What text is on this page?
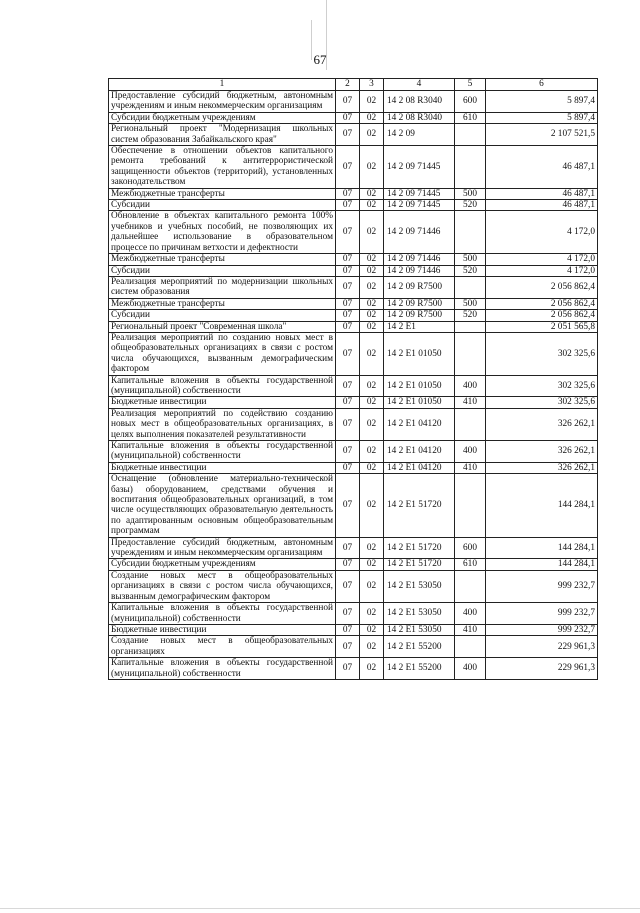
67
1	2	3	4	5	6
Предоставление субсидий бюджетным, автономным учреждениям и иным некоммерческим организациям	07	02	14 2 08 R3040	600	5 897,4
Субсидии бюджетным учреждениям	07	02	14 2 08 R3040	610	5 897,4
Региональный проект "Модернизация школьных систем образования Забайкальского края"	07	02	14 2 09		2 107 521,5
Обеспечение в отношении объектов капитального ремонта требований к антитеррористической защищенности объектов (территорий), установленных законодательством	07	02	14 2 09 71445		46 487,1
Межбюджетные трансферты	07	02	14 2 09 71445	500	46 487,1
Субсидии	07	02	14 2 09 71445	520	46 487,1
Обновление в объектах капитального ремонта 100% учебников и учебных пособий, не позволяющих их дальнейшее использование в образовательном процессе по причинам ветхости и дефектности	07	02	14 2 09 71446		4 172,0
Межбюджетные трансферты	07	02	14 2 09 71446	500	4 172,0
Субсидии	07	02	14 2 09 71446	520	4 172,0
Реализация мероприятий по модернизации школьных систем образования	07	02	14 2 09 R7500		2 056 862,4
Межбюджетные трансферты	07	02	14 2 09 R7500	500	2 056 862,4
Субсидии	07	02	14 2 09 R7500	520	2 056 862,4
Региональный проект "Современная школа"	07	02	14 2 E1		2 051 565,8
Реализация мероприятий по созданию новых мест в общеобразовательных организациях в связи с ростом числа обучающихся, вызванным демографическим фактором	07	02	14 2 E1 01050		302 325,6
Капитальные вложения в объекты государственной (муниципальной) собственности	07	02	14 2 E1 01050	400	302 325,6
Бюджетные инвестиции	07	02	14 2 E1 01050	410	302 325,6
Реализация мероприятий по содействию созданию новых мест в общеобразовательных организациях, в целях выполнения показателей результативности	07	02	14 2 E1 04120		326 262,1
Капитальные вложения в объекты государственной (муниципальной) собственности	07	02	14 2 E1 04120	400	326 262,1
Бюджетные инвестиции	07	02	14 2 E1 04120	410	326 262,1
Оснащение (обновление материально-технической базы) оборудованием, средствами обучения и воспитания общеобразовательных организаций, в том числе осуществляющих образовательную деятельность по адаптированным основным общеобразовательным программам	07	02	14 2 E1 51720		144 284,1
Предоставление субсидий бюджетным, автономным учреждениям и иным некоммерческим организациям	07	02	14 2 E1 51720	600	144 284,1
Субсидии бюджетным учреждениям	07	02	14 2 E1 51720	610	144 284,1
Создание новых мест в общеобразовательных организациях в связи с ростом числа обучающихся, вызванным демографическим фактором	07	02	14 2 E1 53050		999 232,7
Капитальные вложения в объекты государственной (муниципальной) собственности	07	02	14 2 E1 53050	400	999 232,7
Бюджетные инвестиции	07	02	14 2 E1 53050	410	999 232,7
Создание новых мест в общеобразовательных организациях	07	02	14 2 E1 55200		229 961,3
Капитальные вложения в объекты государственной (муниципальной) собственности	07	02	14 2 E1 55200	400	229 961,3
